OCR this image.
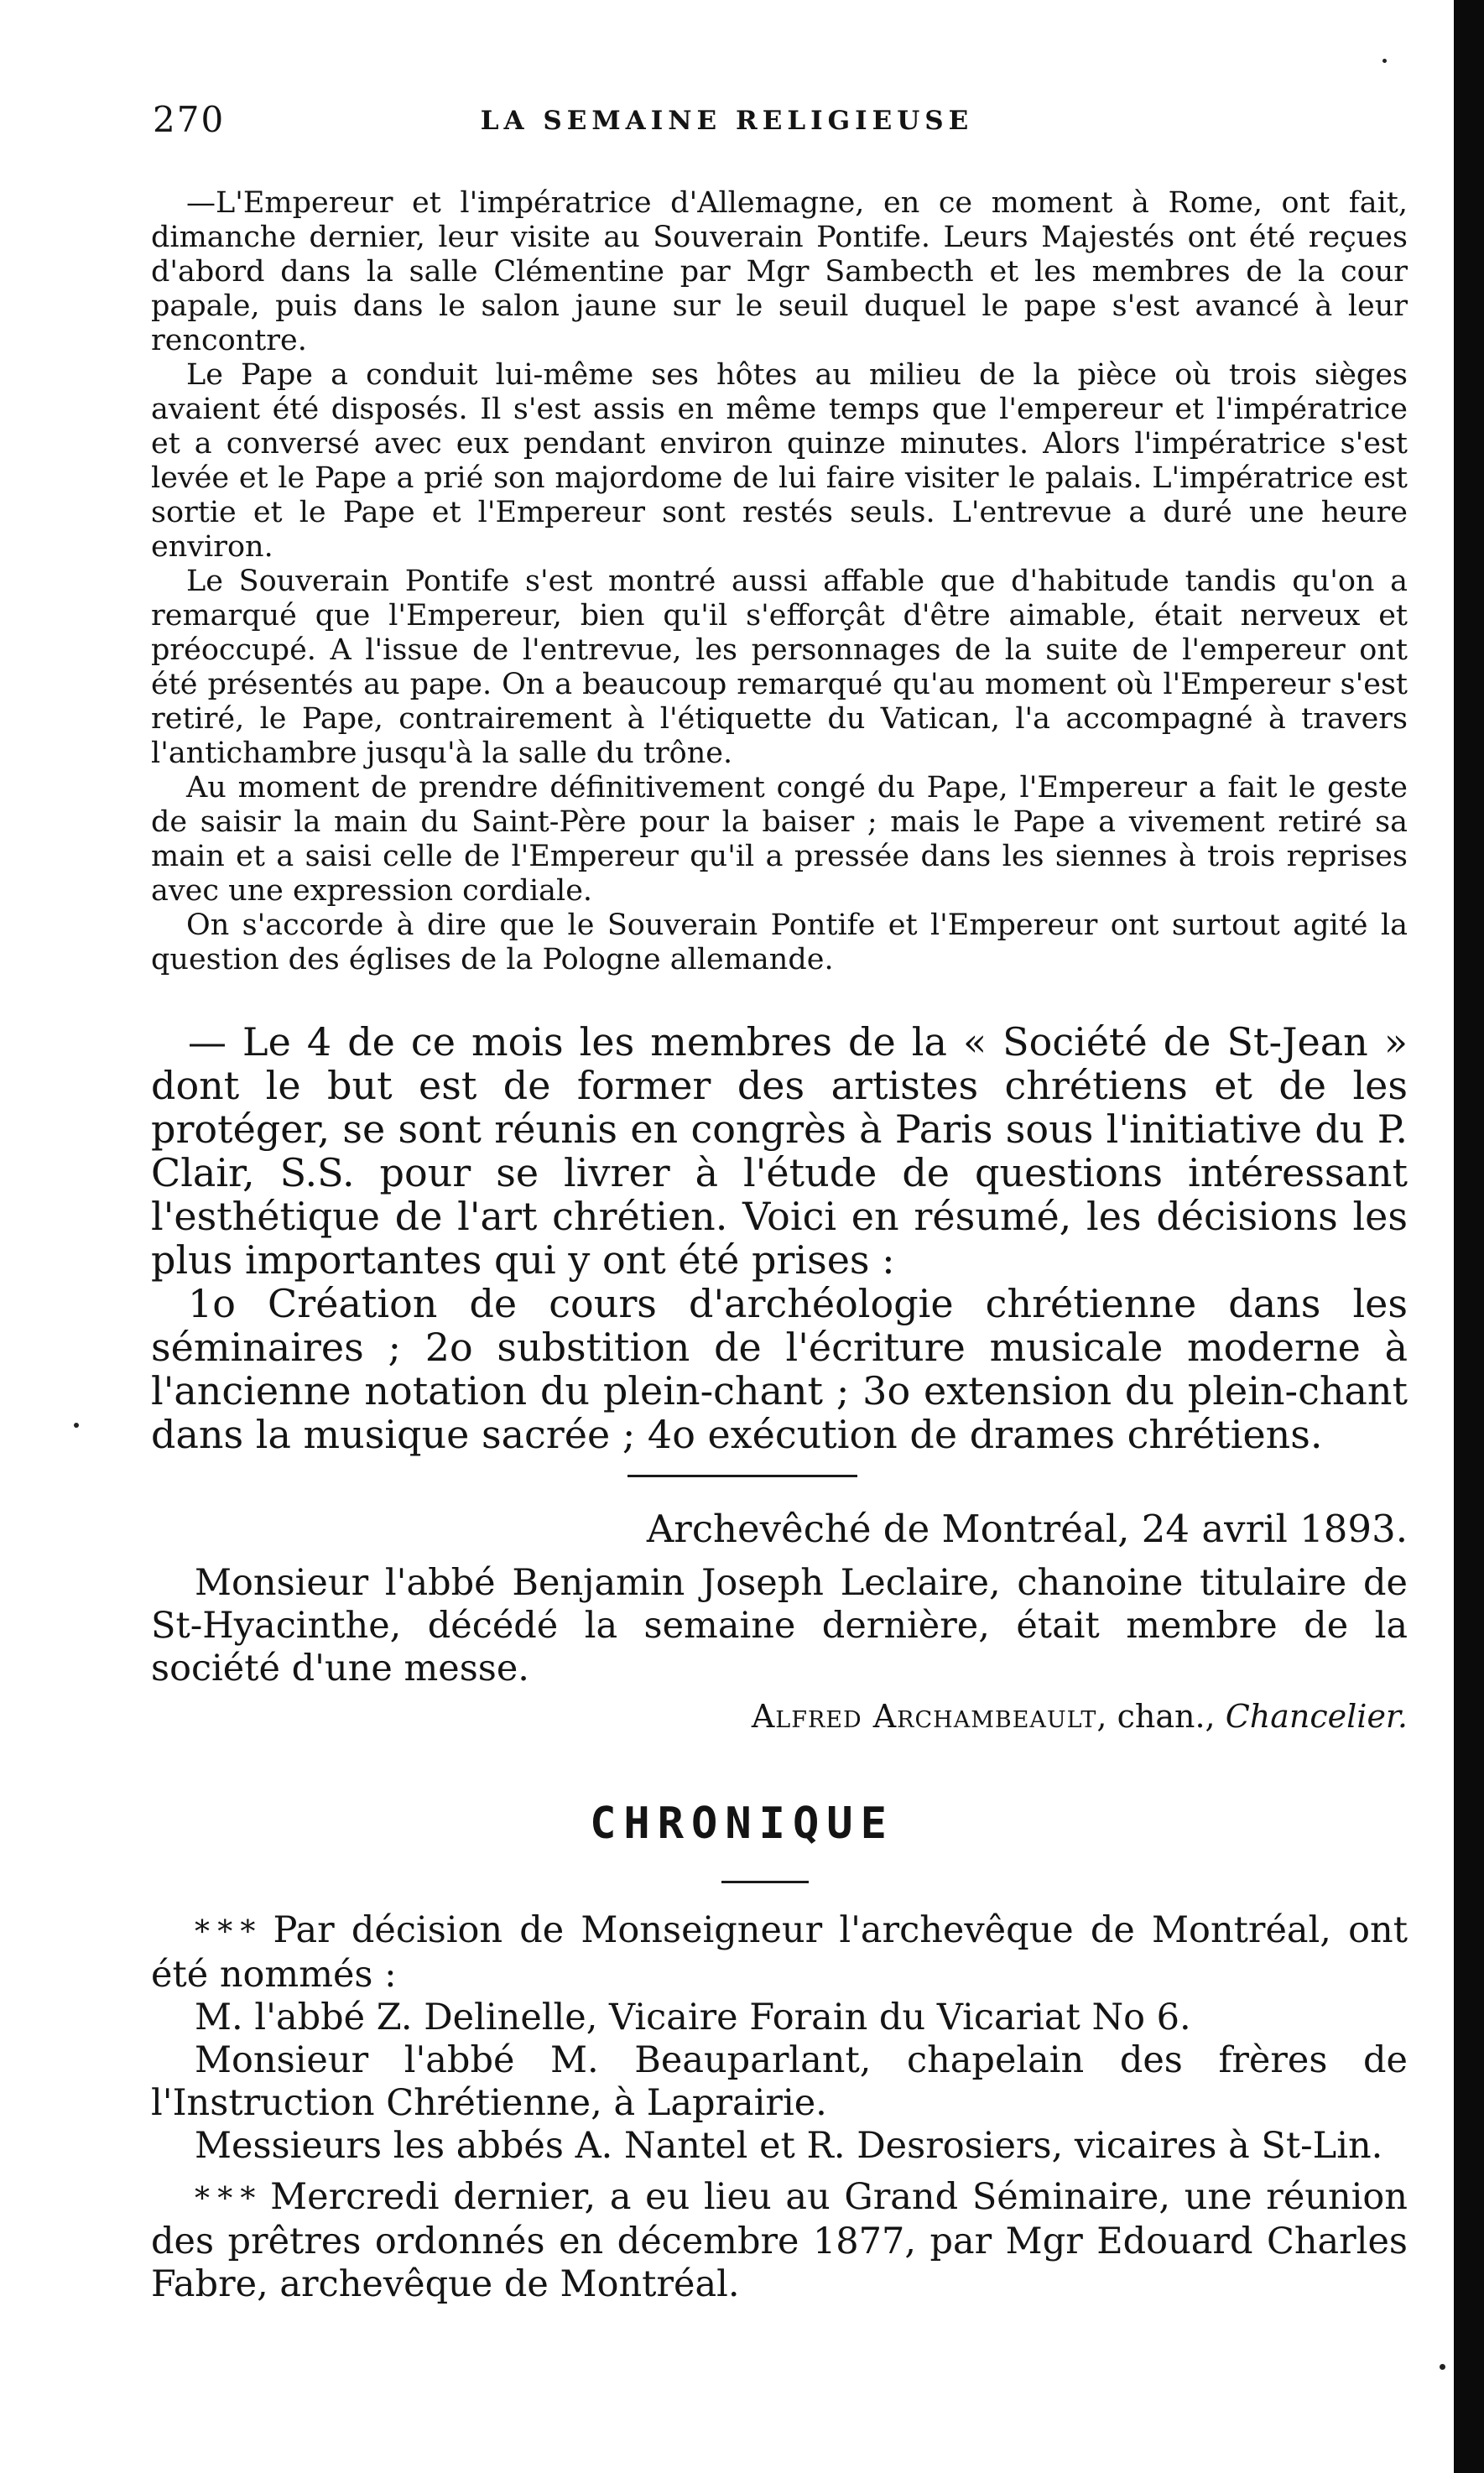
270	LA SEMAINE RELIGIEUSE

—L'Empereur et l'impératrice d'Allemagne, en ce moment à Rome, ont fait, dimanche dernier, leur visite au Souverain Pontife. Leurs Majestés ont été reçues d'abord dans la salle Clémentine par Mgr Sambecth et les membres de la cour papale, puis dans le salon jaune sur le seuil duquel le pape s'est avancé à leur rencontre.

Le Pape a conduit lui-même ses hôtes au milieu de la pièce où trois sièges avaient été disposés. Il s'est assis en même temps que l'empereur et l'impératrice et a conversé avec eux pendant environ quinze minutes. Alors l'impératrice s'est levée et le Pape a prié son majordome de lui faire visiter le palais. L'impératrice est sortie et le Pape et l'Empereur sont restés seuls. L'entrevue a duré une heure environ.

Le Souverain Pontife s'est montré aussi affable que d'habitude tandis qu'on a remarqué que l'Empereur, bien qu'il s'efforçât d'être aimable, était nerveux et préoccupé. A l'issue de l'entrevue, les personnages de la suite de l'empereur ont été présentés au pape. On a beaucoup remarqué qu'au moment où l'Empereur s'est retiré, le Pape, contrairement à l'étiquette du Vatican, l'a accompagné à travers l'antichambre jusqu'à la salle du trône.

Au moment de prendre définitivement congé du Pape, l'Empereur a fait le geste de saisir la main du Saint-Père pour la baiser ; mais le Pape a vivement retiré sa main et a saisi celle de l'Empereur qu'il a pressée dans les siennes à trois reprises avec une expression cordiale.

On s'accorde à dire que le Souverain Pontife et l'Empereur ont surtout agité la question des églises de la Pologne allemande.

— Le 4 de ce mois les membres de la « Société de St-Jean » dont le but est de former des artistes chrétiens et de les protéger, se sont réunis en congrès à Paris sous l'initiative du P. Clair, S.S. pour se livrer à l'étude de questions intéressant l'esthétique de l'art chrétien. Voici en résumé, les décisions les plus importantes qui y ont été prises :

1o Création de cours d'archéologie chrétienne dans les séminaires ; 2o substition de l'écriture musicale moderne à l'ancienne notation du plein-chant ; 3o extension du plein-chant dans la musique sacrée ; 4o exécution de drames chrétiens.

Archevêché de Montréal, 24 avril 1893.

Monsieur l'abbé Benjamin Joseph Leclaire, chanoine titulaire de St-Hyacinthe, décédé la semaine dernière, était membre de la société d'une messe.

Alfred Archambeault, chan., Chancelier.
CHRONIQUE

* * * Par décision de Monseigneur l'archevêque de Montréal, ont été nommés :

M. l'abbé Z. Delinelle, Vicaire Forain du Vicariat No 6.

Monsieur l'abbé M. Beauparlant, chapelain des frères de l'Instruction Chrétienne, à Laprairie.

Messieurs les abbés A. Nantel et R. Desrosiers, vicaires à St-Lin.

* * * Mercredi dernier, a eu lieu au Grand Séminaire, une réunion des prêtres ordonnés en décembre 1877, par Mgr Edouard Charles Fabre, archevêque de Montréal.
